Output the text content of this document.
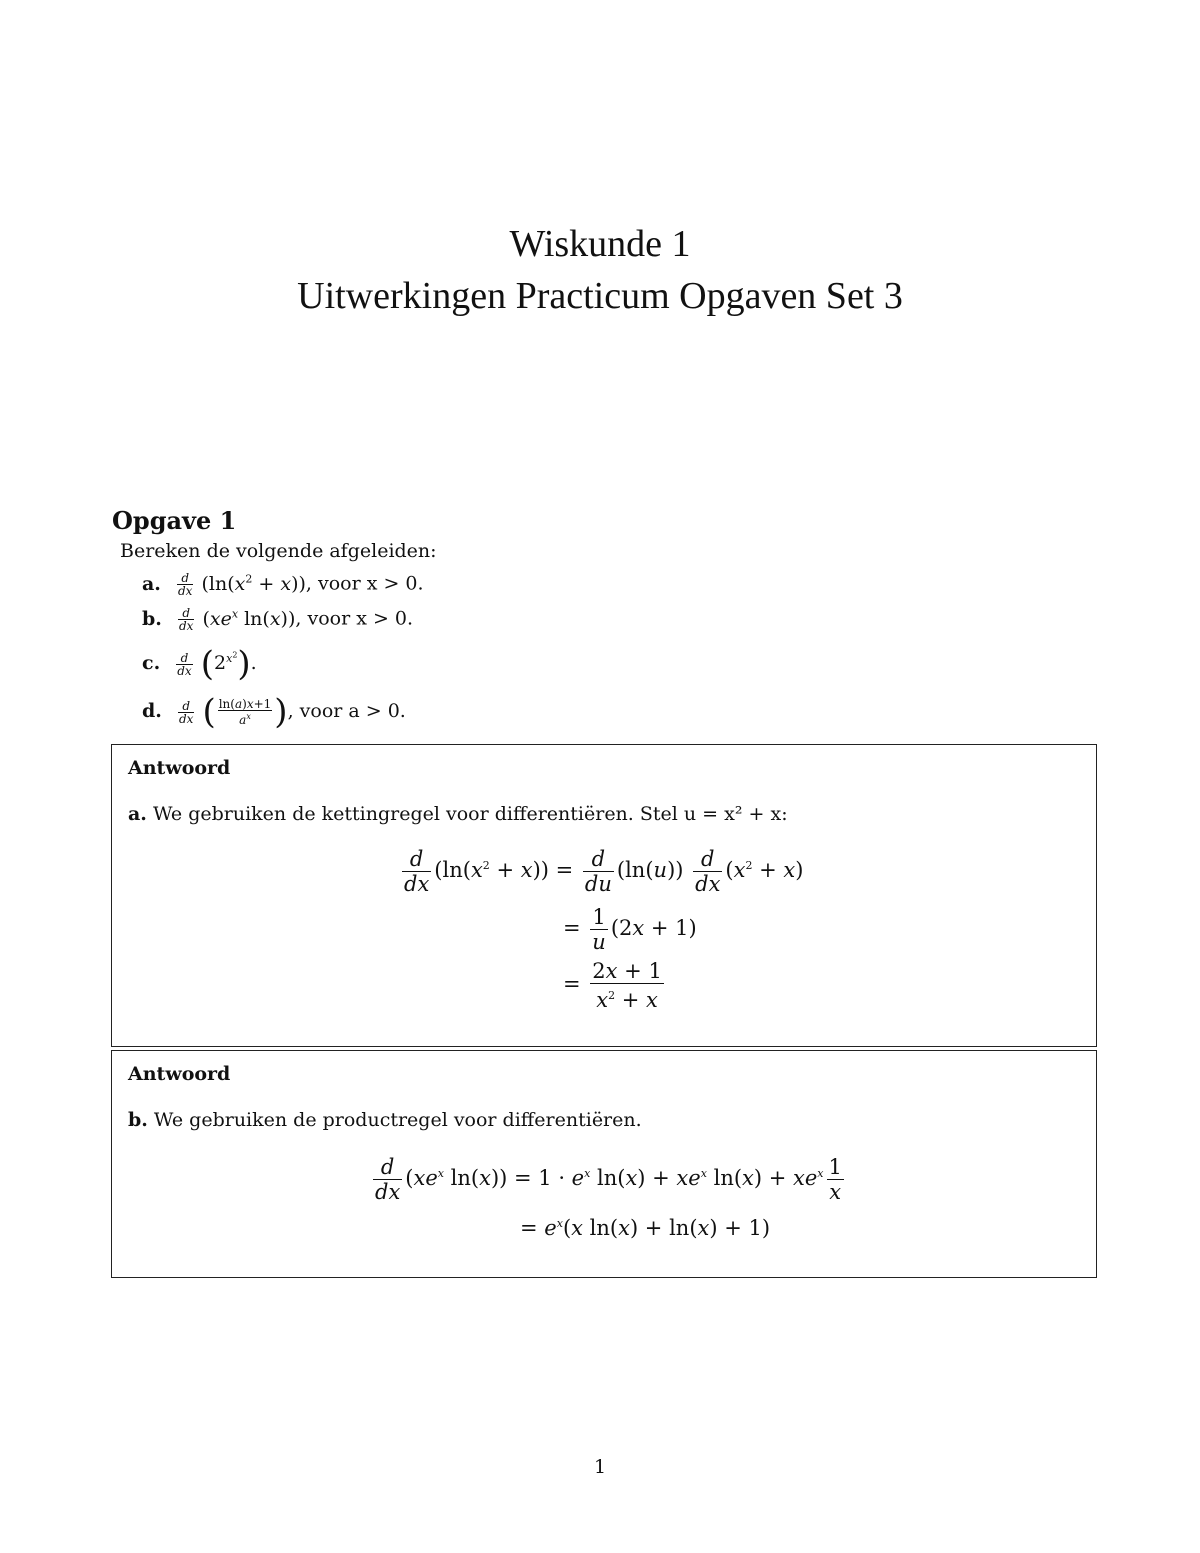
Wiskunde 1
Uitwerkingen Practicum Opgaven Set 3
Opgave 1
Bereken de volgende afgeleiden:
a. $\frac{d}{dx} (\ln(x^2 + x))$, voor x > 0.
b. $\frac{d}{dx} (xe^x$ ln(x)), voor x > 0.
c. $\frac{d}{dx} (2^{x^2})$.
d. $\frac{d}{dx}$ ( $\frac{\ln(a)x+1}{a^x}$ ), voor a > 0.
Antwoord
a. We gebruiken de kettingregel voor differentiëren. Stel u = x² + x:
$\frac{d}{dx} (\ln(x^2 + x)) = \frac{d}{du} (\ln(u)) \frac{d}{dx} (x^2 + x)$
= $\frac{1}{u} (2x + 1)$
= $\frac{2x + 1}{x^2 + x}$
Antwoord
b. We gebruiken de productregel voor differentiëren.
$\frac{d}{dx} (xe^x$ $\ln(x)) = 1 \cdot e^x$ $\ln(x) + xe^x$ $\ln(x) + xe^x \frac{1}{x}$
= $e^x(x$ ln(x) + ln(x) + 1)
1
